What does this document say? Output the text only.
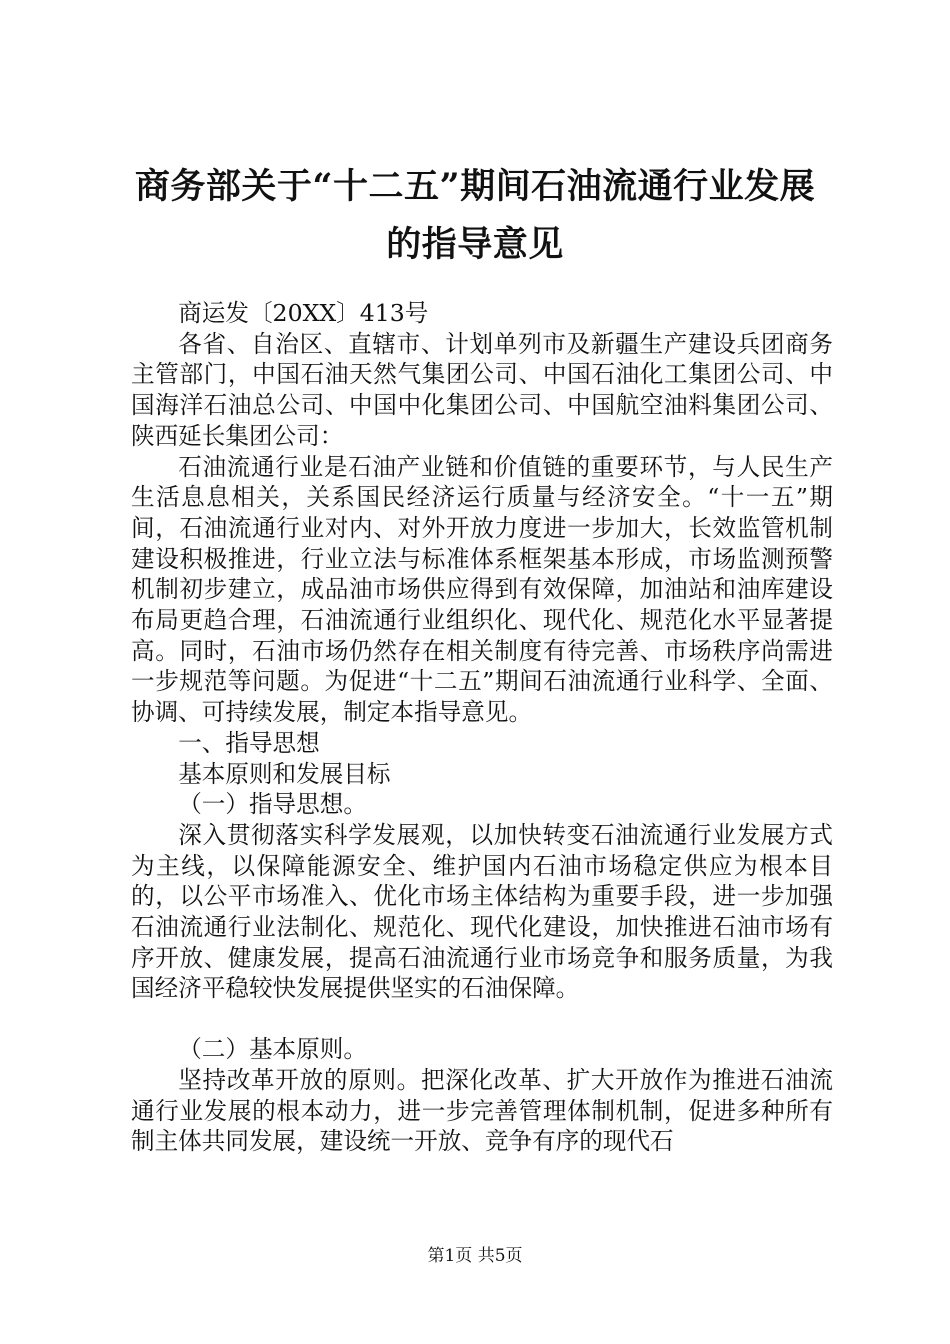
商务部关于“十二五”期间石油流通行业发展
的指导意见

商运发〔20XX〕413号

各省、自治区、直辖市、计划单列市及新疆生产建设兵团商务主管部门，中国石油天然气集团公司、中国石油化工集团公司、中国海洋石油总公司、中国中化集团公司、中国航空油料集团公司、陕西延长集团公司：

石油流通行业是石油产业链和价值链的重要环节，与人民生产生活息息相关，关系国民经济运行质量与经济安全。“十一五”期间，石油流通行业对内、对外开放力度进一步加大，长效监管机制建设积极推进，行业立法与标准体系框架基本形成，市场监测预警机制初步建立，成品油市场供应得到有效保障，加油站和油库建设布局更趋合理，石油流通行业组织化、现代化、规范化水平显著提高。同时，石油市场仍然存在相关制度有待完善、市场秩序尚需进一步规范等问题。为促进“十二五”期间石油流通行业科学、全面、协调、可持续发展，制定本指导意见。

一、指导思想

基本原则和发展目标

（一）指导思想。

深入贯彻落实科学发展观，以加快转变石油流通行业发展方式为主线，以保障能源安全、维护国内石油市场稳定供应为根本目的，以公平市场准入、优化市场主体结构为重要手段，进一步加强石油流通行业法制化、规范化、现代化建设，加快推进石油市场有序开放、健康发展，提高石油流通行业市场竞争和服务质量，为我国经济平稳较快发展提供坚实的石油保障。

（二）基本原则。

坚持改革开放的原则。把深化改革、扩大开放作为推进石油流通行业发展的根本动力，进一步完善管理体制机制，促进多种所有制主体共同发展，建设统一开放、竞争有序的现代石

第1页 共5页
